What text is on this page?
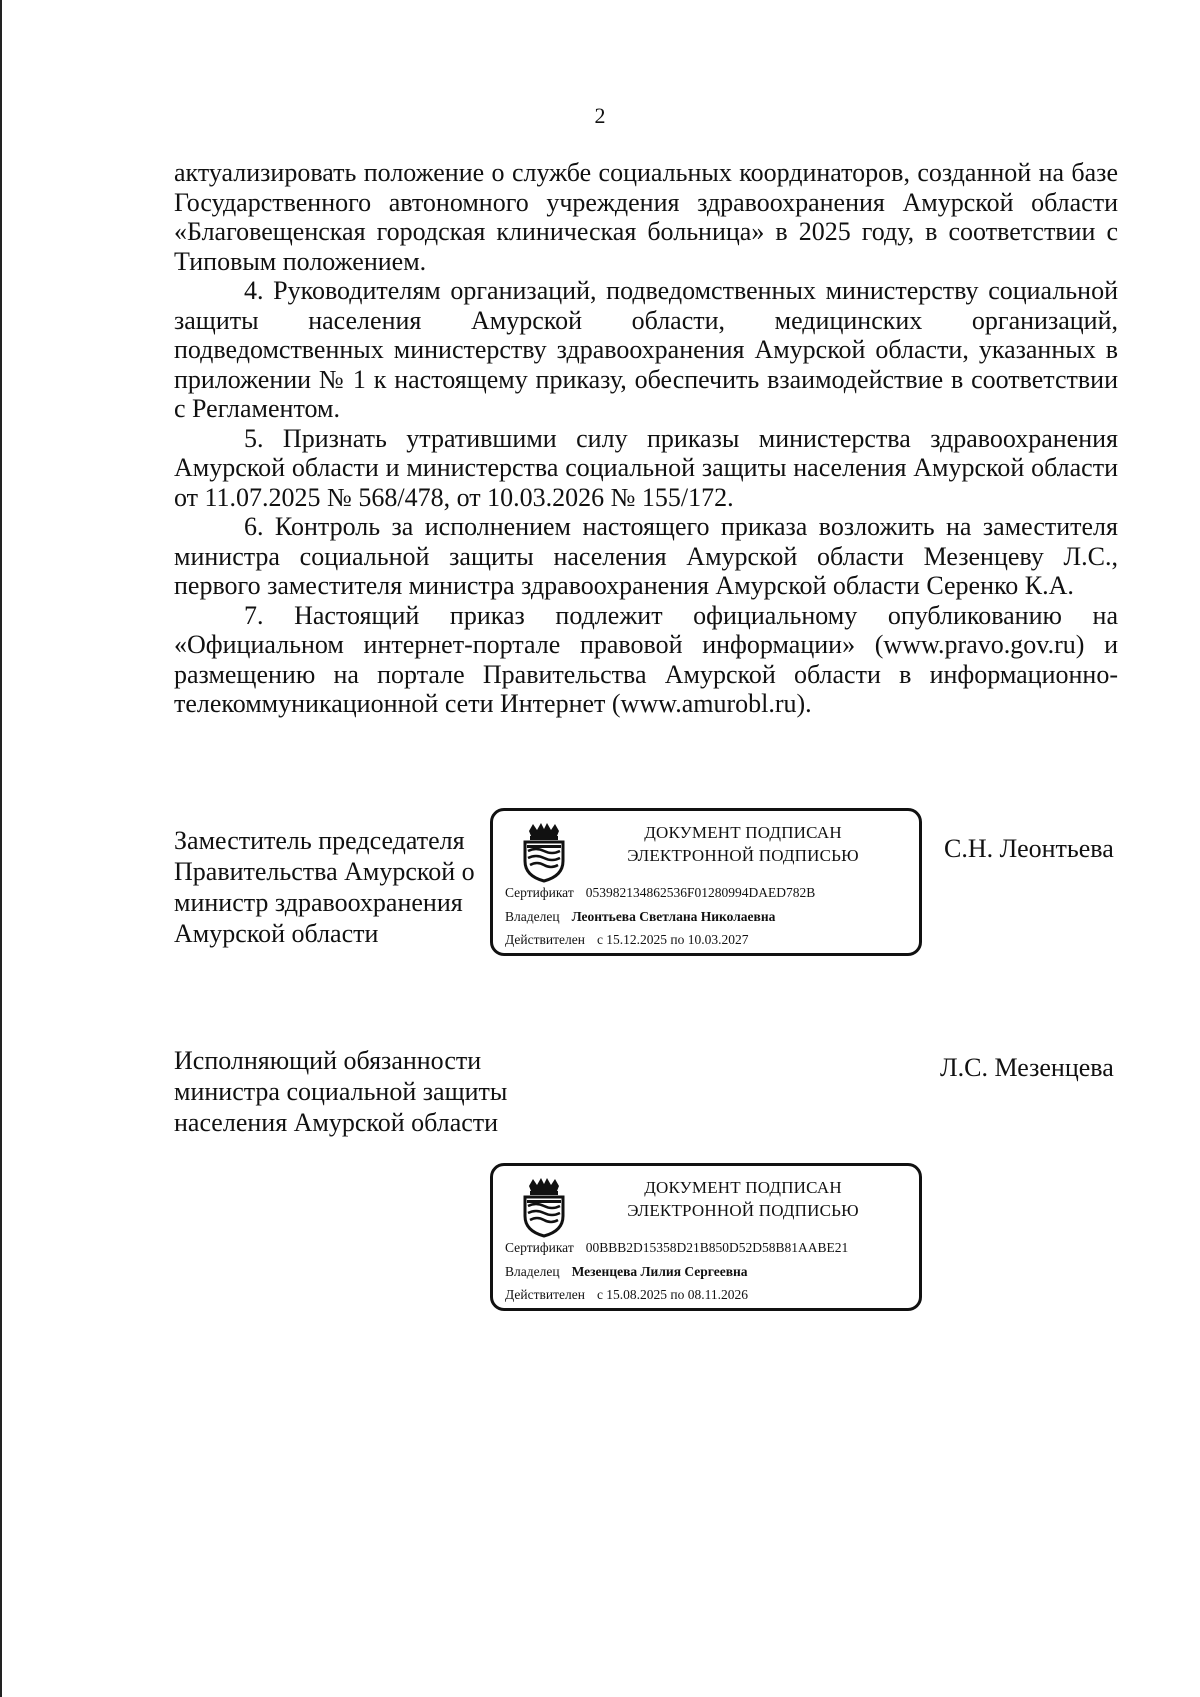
2

актуализировать положение о службе социальных координаторов, созданной на базе Государственного автономного учреждения здравоохранения Амурской области «Благовещенская городская клиническая больница» в 2025 году, в соответствии с Типовым положением.

4. Руководителям организаций, подведомственных министерству социальной защиты населения Амурской области, медицинских организаций, подведомственных министерству здравоохранения Амурской области, указанных в приложении № 1 к настоящему приказу, обеспечить взаимодействие в соответствии с Регламентом.

5. Признать утратившими силу приказы министерства здравоохранения Амурской области и министерства социальной защиты населения Амурской области от 11.07.2025 № 568/478, от 10.03.2026 № 155/172.

6. Контроль за исполнением настоящего приказа возложить на заместителя министра социальной защиты населения Амурской области Мезенцеву Л.С., первого заместителя министра здравоохранения Амурской области Серенко К.А.

7. Настоящий приказ подлежит официальному опубликованию на «Официальном интернет-портале правовой информации» (www.pravo.gov.ru) и размещению на портале Правительства Амурской области в информационно-телекоммуникационной сети Интернет (www.amurobl.ru).

Заместитель председателя
Правительства Амурской о
министр здравоохранения
Амурской области
ДОКУМЕНТ ПОДПИСАН
ЭЛЕКТРОННОЙ ПОДПИСЬЮ
Сертификат 053982134862536F01280994DAED782B
Владелец Леонтьева Светлана Николаевна
Действителен с 15.12.2025 по 10.03.2027
С.Н. Леонтьева
Исполняющий обязанности
министра социальной защиты
населения Амурской области
Л.С. Мезенцева
ДОКУМЕНТ ПОДПИСАН
ЭЛЕКТРОННОЙ ПОДПИСЬЮ
Сертификат 00BBB2D15358D21B850D52D58B81AABE21
Владелец Мезенцева Лилия Сергеевна
Действителен с 15.08.2025 по 08.11.2026
